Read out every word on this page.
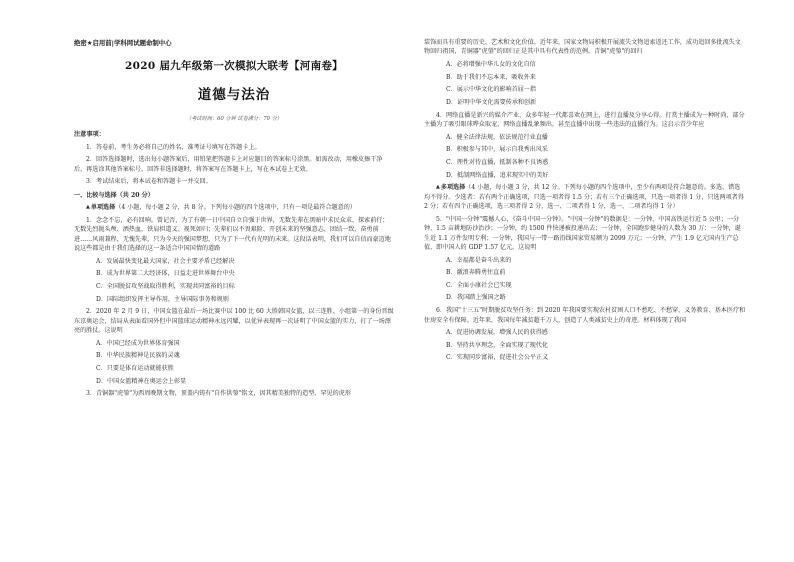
绝密★启用前|学科网试题命制中心
2020 届九年级第一次模拟大联考【河南卷】
道德与法治
（考试时间：60 分钟 试卷满分：70 分）
注意事项：

1．答卷前，考生务必将自己的姓名、准考证号填写在答题卡上。

2．回答选择题时，选出每小题答案后，用铅笔把答题卡上对应题目的答案标号涂黑。如需改动，用橡皮擦干净后，再选涂其他答案标号。回答非选择题时，将答案写在答题卡上，写在本试卷上无效。

3．考试结束后，将本试卷和答题卡一并交回。

一、比较与选择（共 20 分）

▲单项选择（4 小题，每小题 2 分，共 8 分。下列每小题的四个选项中，只有一项是最符合题意的）

1．念念不忘，必有回响。曾记否，为了有朝一日中国自立自强于世界，无数先辈在黑暗中求民众求、探索前行；无数先烈抛头颅、洒热血，铁肩担道义、视死如归；先辈们以不畏艰险、开创未来的坚强意志，团结一致、奋勇前进……风雨兼程、无愧先辈，只为今天的强国梦想，只为了下一代有光明的未来。这段话表明，我们可以自信而豪迈地说这些都是由于我们选择的这一条适合中国国情的道路

A．发展最快变化最大国家，社会主要矛盾已经解决

B．成为世界第二大经济体，日益走进世界舞台中央

C．全国脱贫攻坚战取得胜利，实现共同富裕的目标

D．国际组织发挥主导作用，主导国际事务和规则

2．2020 年 2 月 9 日，中国女篮在最后一场比赛中以 100 比 60 大胜韩国女篮，以三连胜、小组第一的身份晋级东京奥运会，结局从表面看国外但中国篮球运动精神永远闪耀，以优异表现再一次证明了中国女篮的实力，打了一场漂亮的胜仗。这说明

A．中国已经成为世界体育强国

B．中华民族精神是民族的灵魂

C．只要是体育运动就能获胜

D．中国女篮精神在奥运会上彰显

3．青铜器"虎鎣"为西周晚期文物，顶盖内铸有"自作供鎣"铭文，因其精美独特的造型、罕见的虎形

装饰而具有重要的历史、艺术和文化价值。近年来，国家文物局积极开展流失文物追索返还工作，成功追回多批流失文物回归祖国，青铜器"虎鎣"的回归正是其中具有代表性的范例。青铜"虎鎣"的回归

A．必将增强中华儿女的文化自信

B．助于我们不忘本来，吸收外来

C．展示中华文化的影响首屈一指

D．证明中华文化需要传承和创新

4．网络直播是新兴的媒介产业，众多年轻一代都喜欢在网上，进行直播及分享心得。打赏主播成为一种时尚，部分主播为了吸引眼球哗众取宠，网络直播乱象频出，甚至直播中出现一些违法的直播行为。这启示青少年应

A．健全法律法规，依法规范行业直播

B．积极参与其中，展示自我秀出风采

C．理性对待直播，抵制各种不良诱惑

D．抵制网络直播，追求现实中的美好

▲多项选择（4 小题，每小题 3 分，共 12 分。下列每小题的四个选项中，至少有两项是符合题意的。多选、错选均不得分。少选者：若有两个正确选项，只选一项者得 1.5 分；若有三个正确选项，只选一项者得 1 分，只选两项者得 2 分；若有四个正确选项，选三项者得 2 分，选一、二项者得 1 分，选一、二项者均得 1 分）

5．"中国一分钟"震撼人心，《奋斗中国一分钟》。"中国一分钟"的数据是：一分钟，中国高铁运行近 5 公里；一分钟，1.5 亩耕地防沙治沙；一分钟，约 1500 件快递被投递出去；一分钟，全国跑步健身的人数为 30 万；一分钟，诞生近 1.1 万件发明专利；一分钟，我国与一带一路沿线国家贸易额为 2099 万元；一分钟，产生 1.9 亿元国内生产总值，即中国人的 GDP 1.57 亿元。这说明

A．幸福都是奋斗出来的

B．激浪奔腾勇往直前

C．全面小康社会已实现

D．我国踏上强国之路

6．我国"十三五"时期脱贫攻坚任务：到 2020 年我国要实现农村贫困人口不愁吃、不愁穿，义务教育、基本医疗和住房安全有保障。近年来，我国每年减贫超千万人，创造了人类减贫史上的奇迹。材料体现了我国

A．促进协调发展，增强人民的获得感

B．坚持共享理念，全面实现了现代化

C．实现同步富裕，促进社会公平正义
